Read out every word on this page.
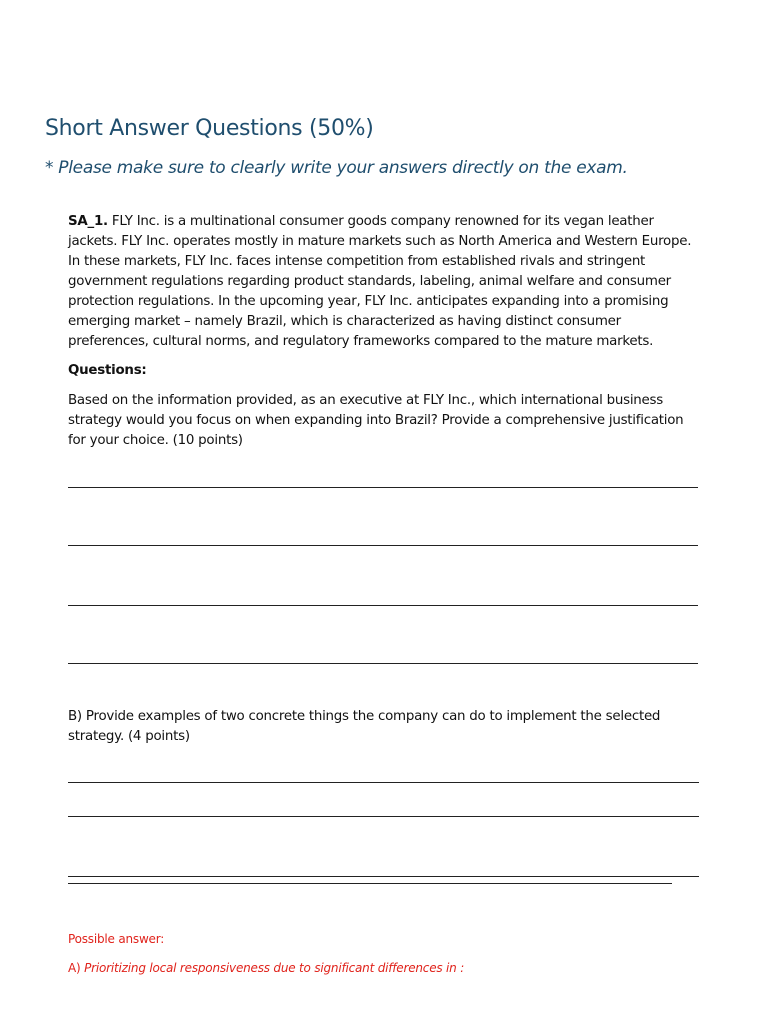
Short Answer Questions (50%)
* Please make sure to clearly write your answers directly on the exam.
SA_1. FLY Inc. is a multinational consumer goods company renowned for its vegan leather jackets. FLY Inc. operates mostly in mature markets such as North America and Western Europe. In these markets, FLY Inc. faces intense competition from established rivals and stringent government regulations regarding product standards, labeling, animal welfare and consumer protection regulations. In the upcoming year, FLY Inc. anticipates expanding into a promising emerging market – namely Brazil, which is characterized as having distinct consumer preferences, cultural norms, and regulatory frameworks compared to the mature markets.
Questions:
Based on the information provided, as an executive at FLY Inc., which international business strategy would you focus on when expanding into Brazil? Provide a comprehensive justification for your choice. (10 points)
B) Provide examples of two concrete things the company can do to implement the selected strategy. (4 points)
Possible answer:
A) Prioritizing local responsiveness due to significant differences in :
